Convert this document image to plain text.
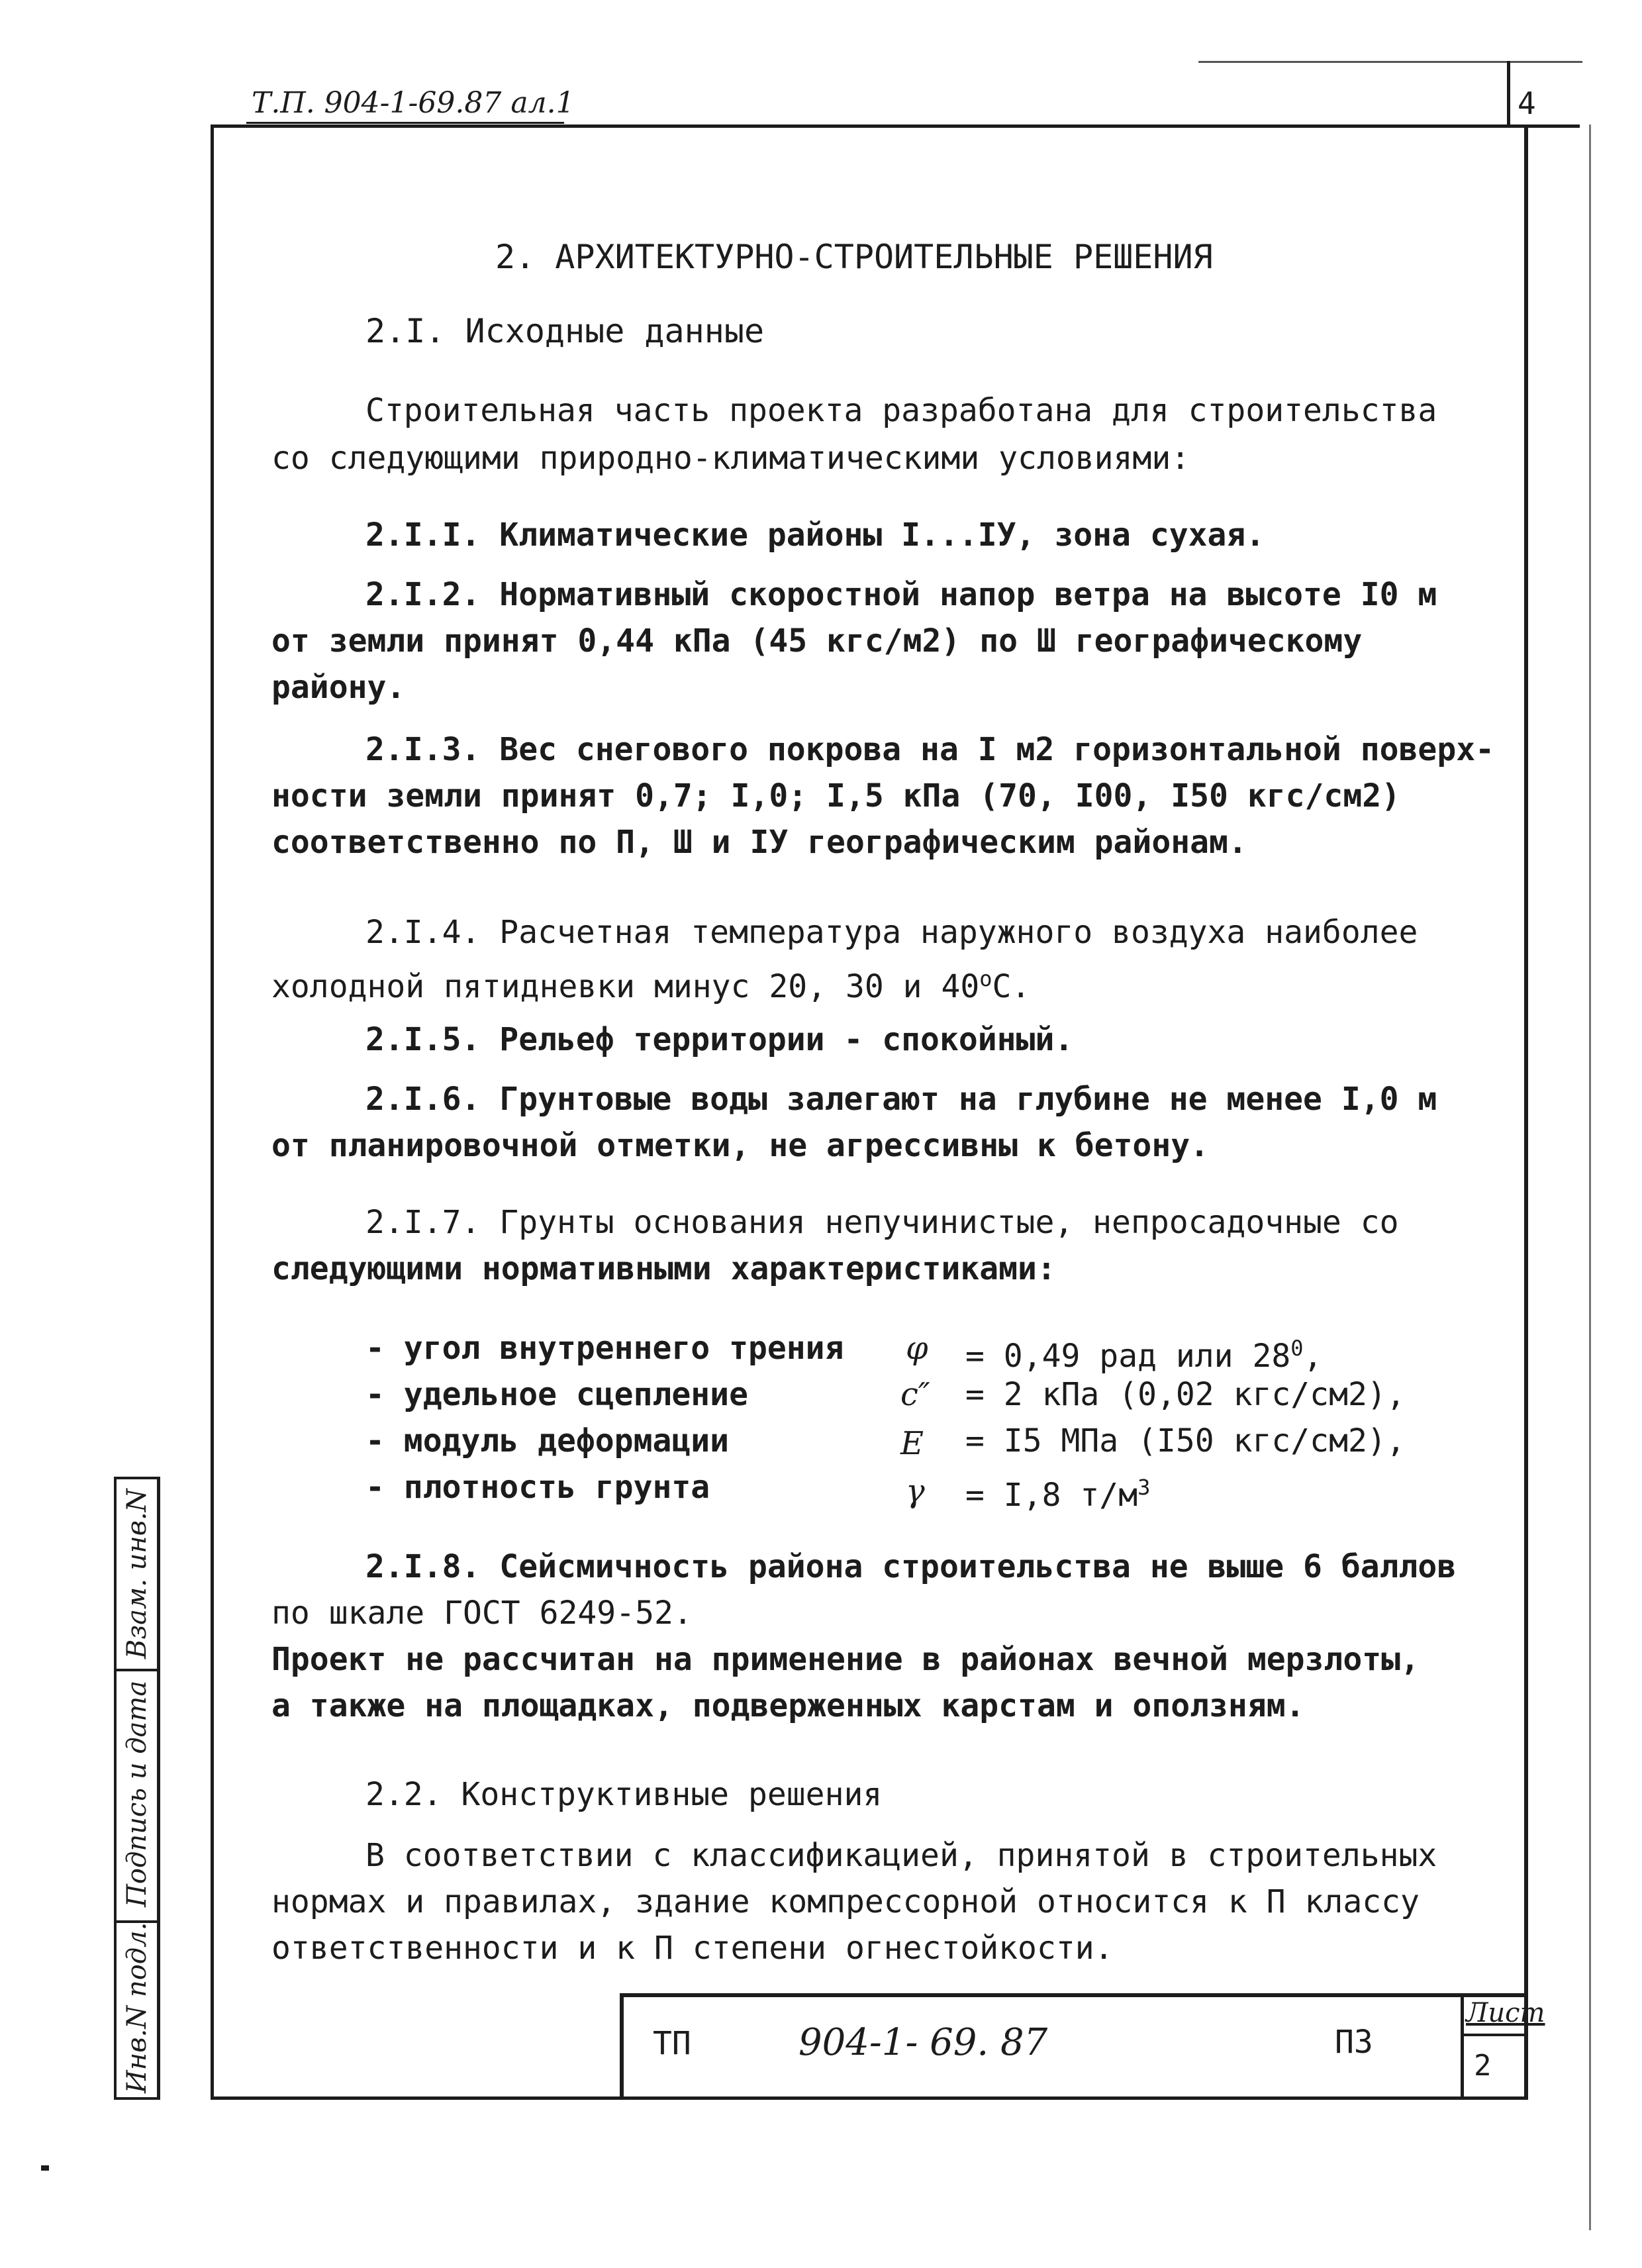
Т.П. 904-1-69.87 ал.1	4
2. АРХИТЕКТУРНО-СТРОИТЕЛЬНЫЕ РЕШЕНИЯ
2.I. Исходные данные
Строительная часть проекта разработана для строительства
со следующими природно-климатическими условиями:
2.I.I. Климатические районы I...IУ, зона сухая.
2.I.2. Нормативный скоростной напор ветра на высоте I0 м
от земли принят 0,44 кПа (45 кгс/м2) по Ш географическому
району.
2.I.3. Вес снегового покрова на I м2 горизонтальной поверх-
ности земли принят 0,7; I,0; I,5 кПа (70, I00, I50 кгс/см2)
соответственно по П, Ш и IУ географическим районам.
2.I.4. Расчетная температура наружного воздуха наиболее
холодной пятидневки минус 20, 30 и $40^оС$.
2.I.5. Рельеф территории - спокойный.
2.I.6. Грунтовые воды залегают на глубине не менее I,0 м
от планировочной отметки, не агрессивны к бетону.
2.I.7. Грунты основания непучинистые, непросадочные со
следующими нормативными характеристиками:
- угол внутреннего трения φ = 0,49 рад или $28^0$,
- удельное сцепление	c″ = 2 кПа (0,02 кгс/см2),
- модуль деформации	E = I5 МПа (I50 кгс/см2),
- плотность грунта	γ = I,8 $т/м^3$
2.I.8. Сейсмичность района строительства не выше 6 баллов
по шкале ГОСТ 6249-52.
Проект не рассчитан на применение в районах вечной мерзлоты,
а также на площадках, подверженных карстам и оползням.
2.2. Конструктивные решения
В соответствии с классификацией, принятой в строительных
нормах и правилах, здание компрессорной относится к П классу
ответственности и к П степени огнестойкости.
Взам. инв.N
Подпись и дата
Инв.N подл.	ТП	904-1- 69. 87	ПЗ
Лист
2
